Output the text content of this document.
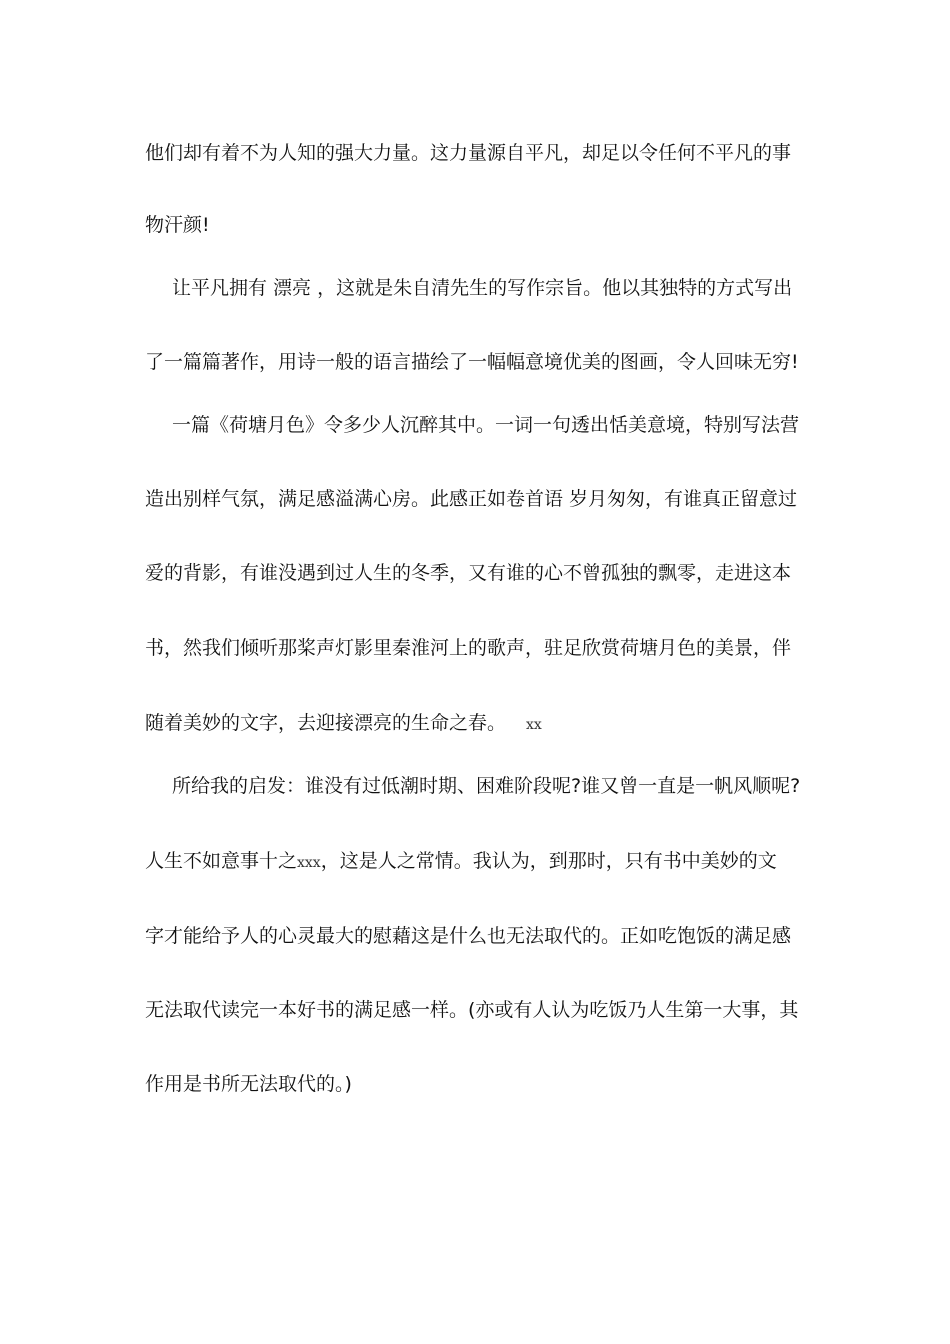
他们却有着不为人知的强大力量。这力量源自平凡，却足以令任何不平凡的事
物汗颜!
让平凡拥有 漂亮 ，这就是朱自清先生的写作宗旨。他以其独特的方式写出
了一篇篇著作，用诗一般的语言描绘了一幅幅意境优美的图画，令人回味无穷!
一篇《荷塘月色》令多少人沉醉其中。一词一句透出恬美意境，特别写法营
造出别样气氛，满足感溢满心房。此感正如卷首语 岁月匆匆，有谁真正留意过
爱的背影，有谁没遇到过人生的冬季，又有谁的心不曾孤独的飘零，走进这本
书，然我们倾听那桨声灯影里秦淮河上的歌声，驻足欣赏荷塘月色的美景，伴
随着美妙的文字，去迎接漂亮的生命之春。 xx
所给我的启发：谁没有过低潮时期、困难阶段呢?谁又曾一直是一帆风顺呢?
人生不如意事十之xxx，这是人之常情。我认为，到那时，只有书中美妙的文
字才能给予人的心灵最大的慰藉这是什么也无法取代的。正如吃饱饭的满足感
无法取代读完一本好书的满足感一样。(亦或有人认为吃饭乃人生第一大事，其
作用是书所无法取代的。)
